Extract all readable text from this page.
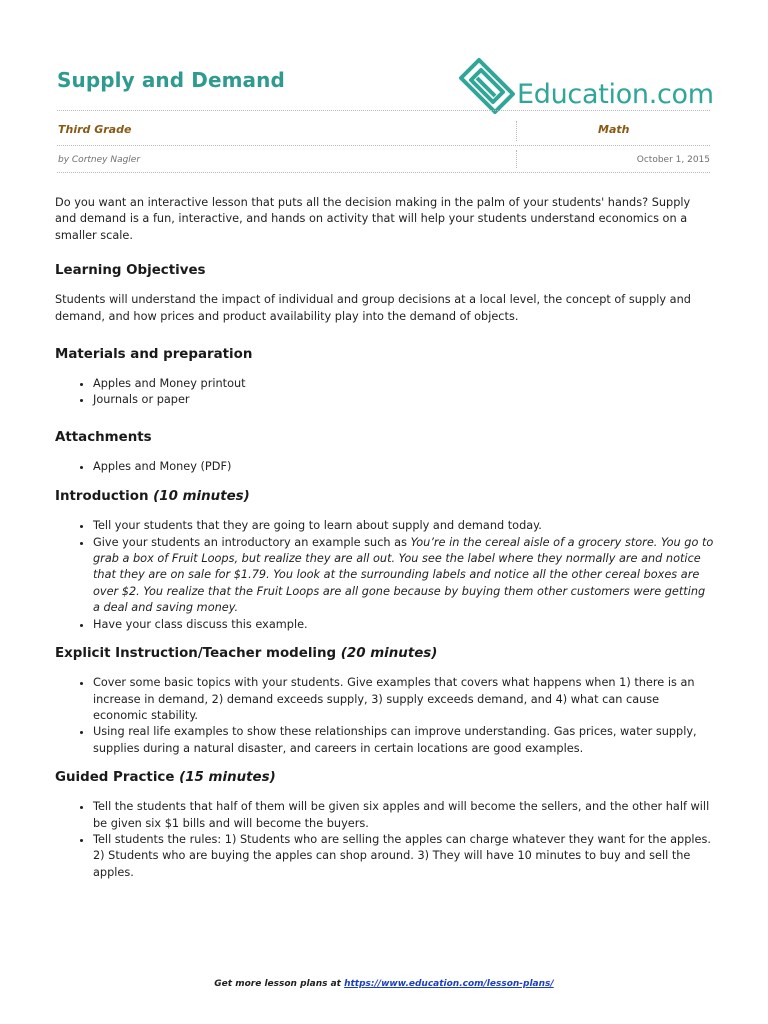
Supply and Demand	Education.com
Third Grade	Math
by Cortney Nagler	October 1, 2015

Do you want an interactive lesson that puts all the decision making in the palm of your students' hands? Supply and demand is a fun, interactive, and hands on activity that will help your students understand economics on a smaller scale.

Learning Objectives

Students will understand the impact of individual and group decisions at a local level, the concept of supply and demand, and how prices and product availability play into the demand of objects.

Materials and preparation
• Apples and Money printout
• Journals or paper
Attachments
• Apples and Money (PDF)
Introduction (10 minutes)
• Tell your students that they are going to learn about supply and demand today.
• Give your students an introductory an example such as You’re in the cereal aisle of a grocery store. You go to grab a box of Fruit Loops, but realize they are all out. You see the label where they normally are and notice that they are on sale for $1.79. You look at the surrounding labels and notice all the other cereal boxes are over $2. You realize that the Fruit Loops are all gone because by buying them other customers were getting a deal and saving money.
• Have your class discuss this example.
Explicit Instruction/Teacher modeling (20 minutes)
• Cover some basic topics with your students. Give examples that covers what happens when 1) there is an increase in demand, 2) demand exceeds supply, 3) supply exceeds demand, and 4) what can cause economic stability.
• Using real life examples to show these relationships can improve understanding. Gas prices, water supply, supplies during a natural disaster, and careers in certain locations are good examples.
Guided Practice (15 minutes)
• Tell the students that half of them will be given six apples and will become the sellers, and the other half will be given six $1 bills and will become the buyers.
• Tell students the rules: 1) Students who are selling the apples can charge whatever they want for the apples. 2) Students who are buying the apples can shop around. 3) They will have 10 minutes to buy and sell the apples.
Get more lesson plans at https://www.education.com/lesson-plans/
